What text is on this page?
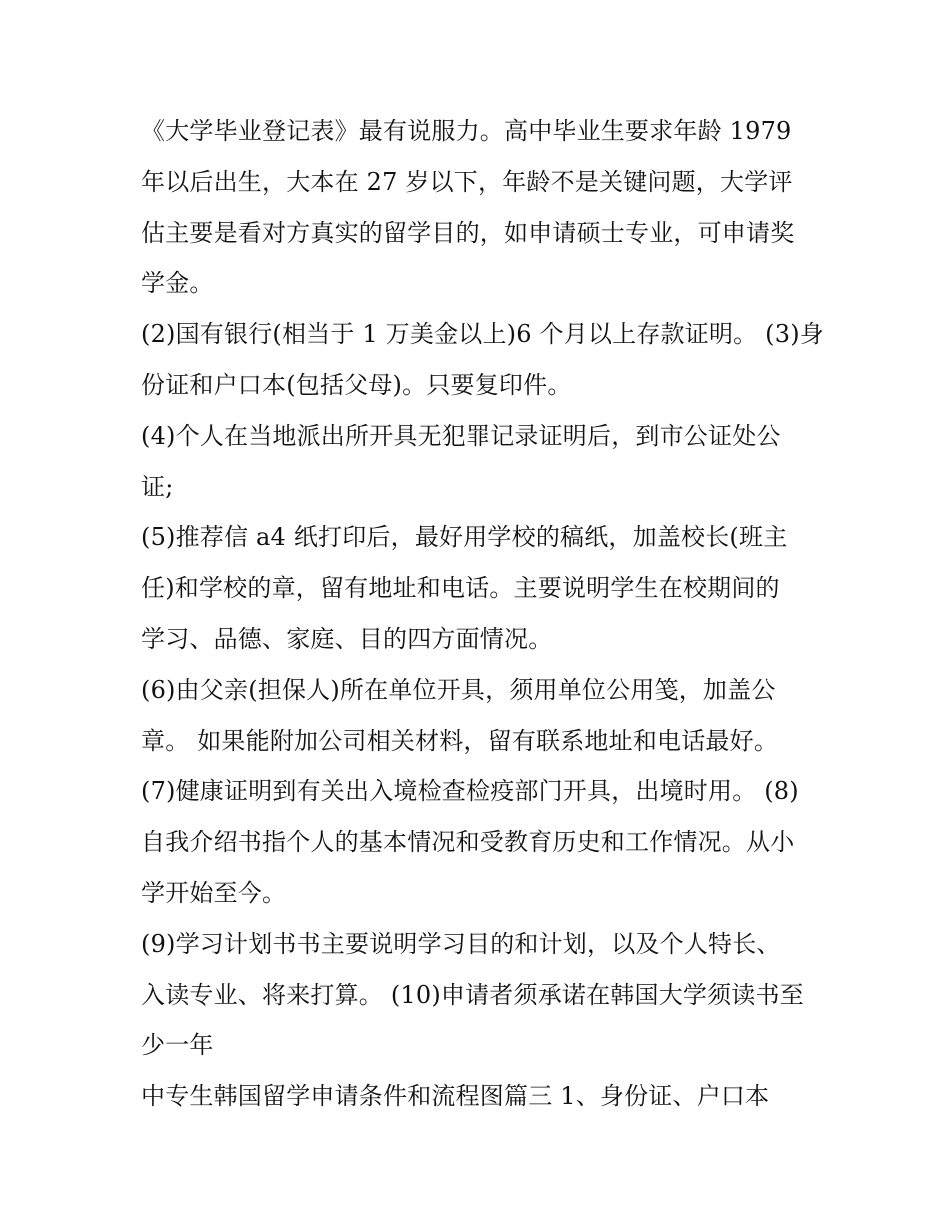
《大学毕业登记表》最有说服力。高中毕业生要求年龄 1979
年以后出生，大本在 27 岁以下，年龄不是关键问题，大学评
估主要是看对方真实的留学目的，如申请硕士专业，可申请奖
学金。
(2)国有银行(相当于 1 万美金以上)6 个月以上存款证明。 (3)身
份证和户口本(包括父母)。只要复印件。
(4)个人在当地派出所开具无犯罪记录证明后，到市公证处公
证;
(5)推荐信 a4 纸打印后，最好用学校的稿纸，加盖校长(班主
任)和学校的章，留有地址和电话。主要说明学生在校期间的
学习、品德、家庭、目的四方面情况。
(6)由父亲(担保人)所在单位开具，须用单位公用笺，加盖公
章。 如果能附加公司相关材料，留有联系地址和电话最好。
(7)健康证明到有关出入境检查检疫部门开具，出境时用。 (8)
自我介绍书指个人的基本情况和受教育历史和工作情况。从小
学开始至今。
(9)学习计划书书主要说明学习目的和计划，以及个人特长、
入读专业、将来打算。 (10)申请者须承诺在韩国大学须读书至
少一年
中专生韩国留学申请条件和流程图篇三 1、身份证、户口本
